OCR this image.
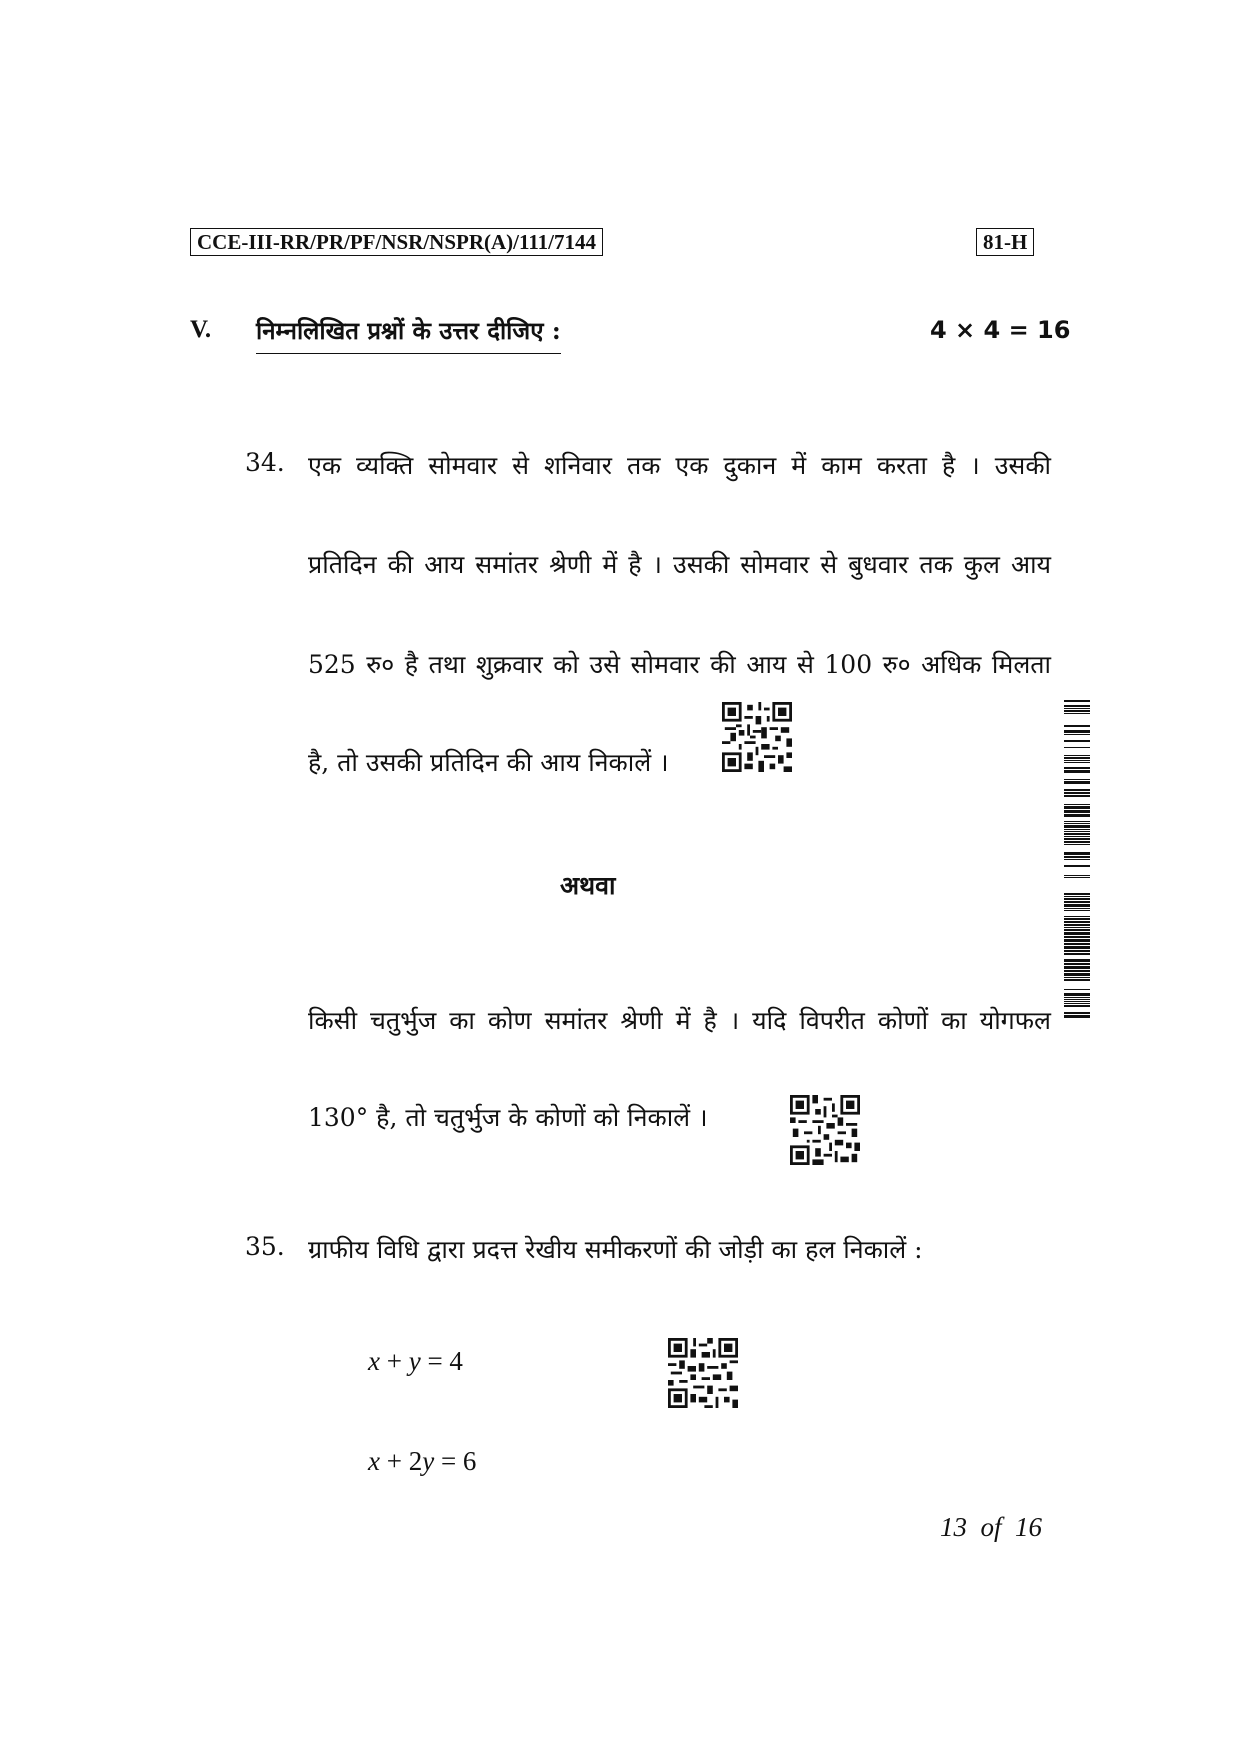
CCE-III-RR/PR/PF/NSR/NSPR(A)/111/7144	81-H
V. निम्नलिखित प्रश्नों के उत्तर दीजिए :	4 × 4 = 16
34. एक व्यक्ति सोमवार से शनिवार तक एक दुकान में काम करता है । उसकी
प्रतिदिन की आय समांतर श्रेणी में है । उसकी सोमवार से बुधवार तक कुल आय
525 रु० है तथा शुक्रवार को उसे सोमवार की आय से 100 रु० अधिक मिलता
है, तो उसकी प्रतिदिन की आय निकालें ।
अथवा
किसी चतुर्भुज का कोण समांतर श्रेणी में है । यदि विपरीत कोणों का योगफल
130° है, तो चतुर्भुज के कोणों को निकालें ।
35. ग्राफीय विधि द्वारा प्रदत्त रेखीय समीकरणों की जोड़ी का हल निकालें :
x + y = 4
x + 2y = 6
13  of  16
